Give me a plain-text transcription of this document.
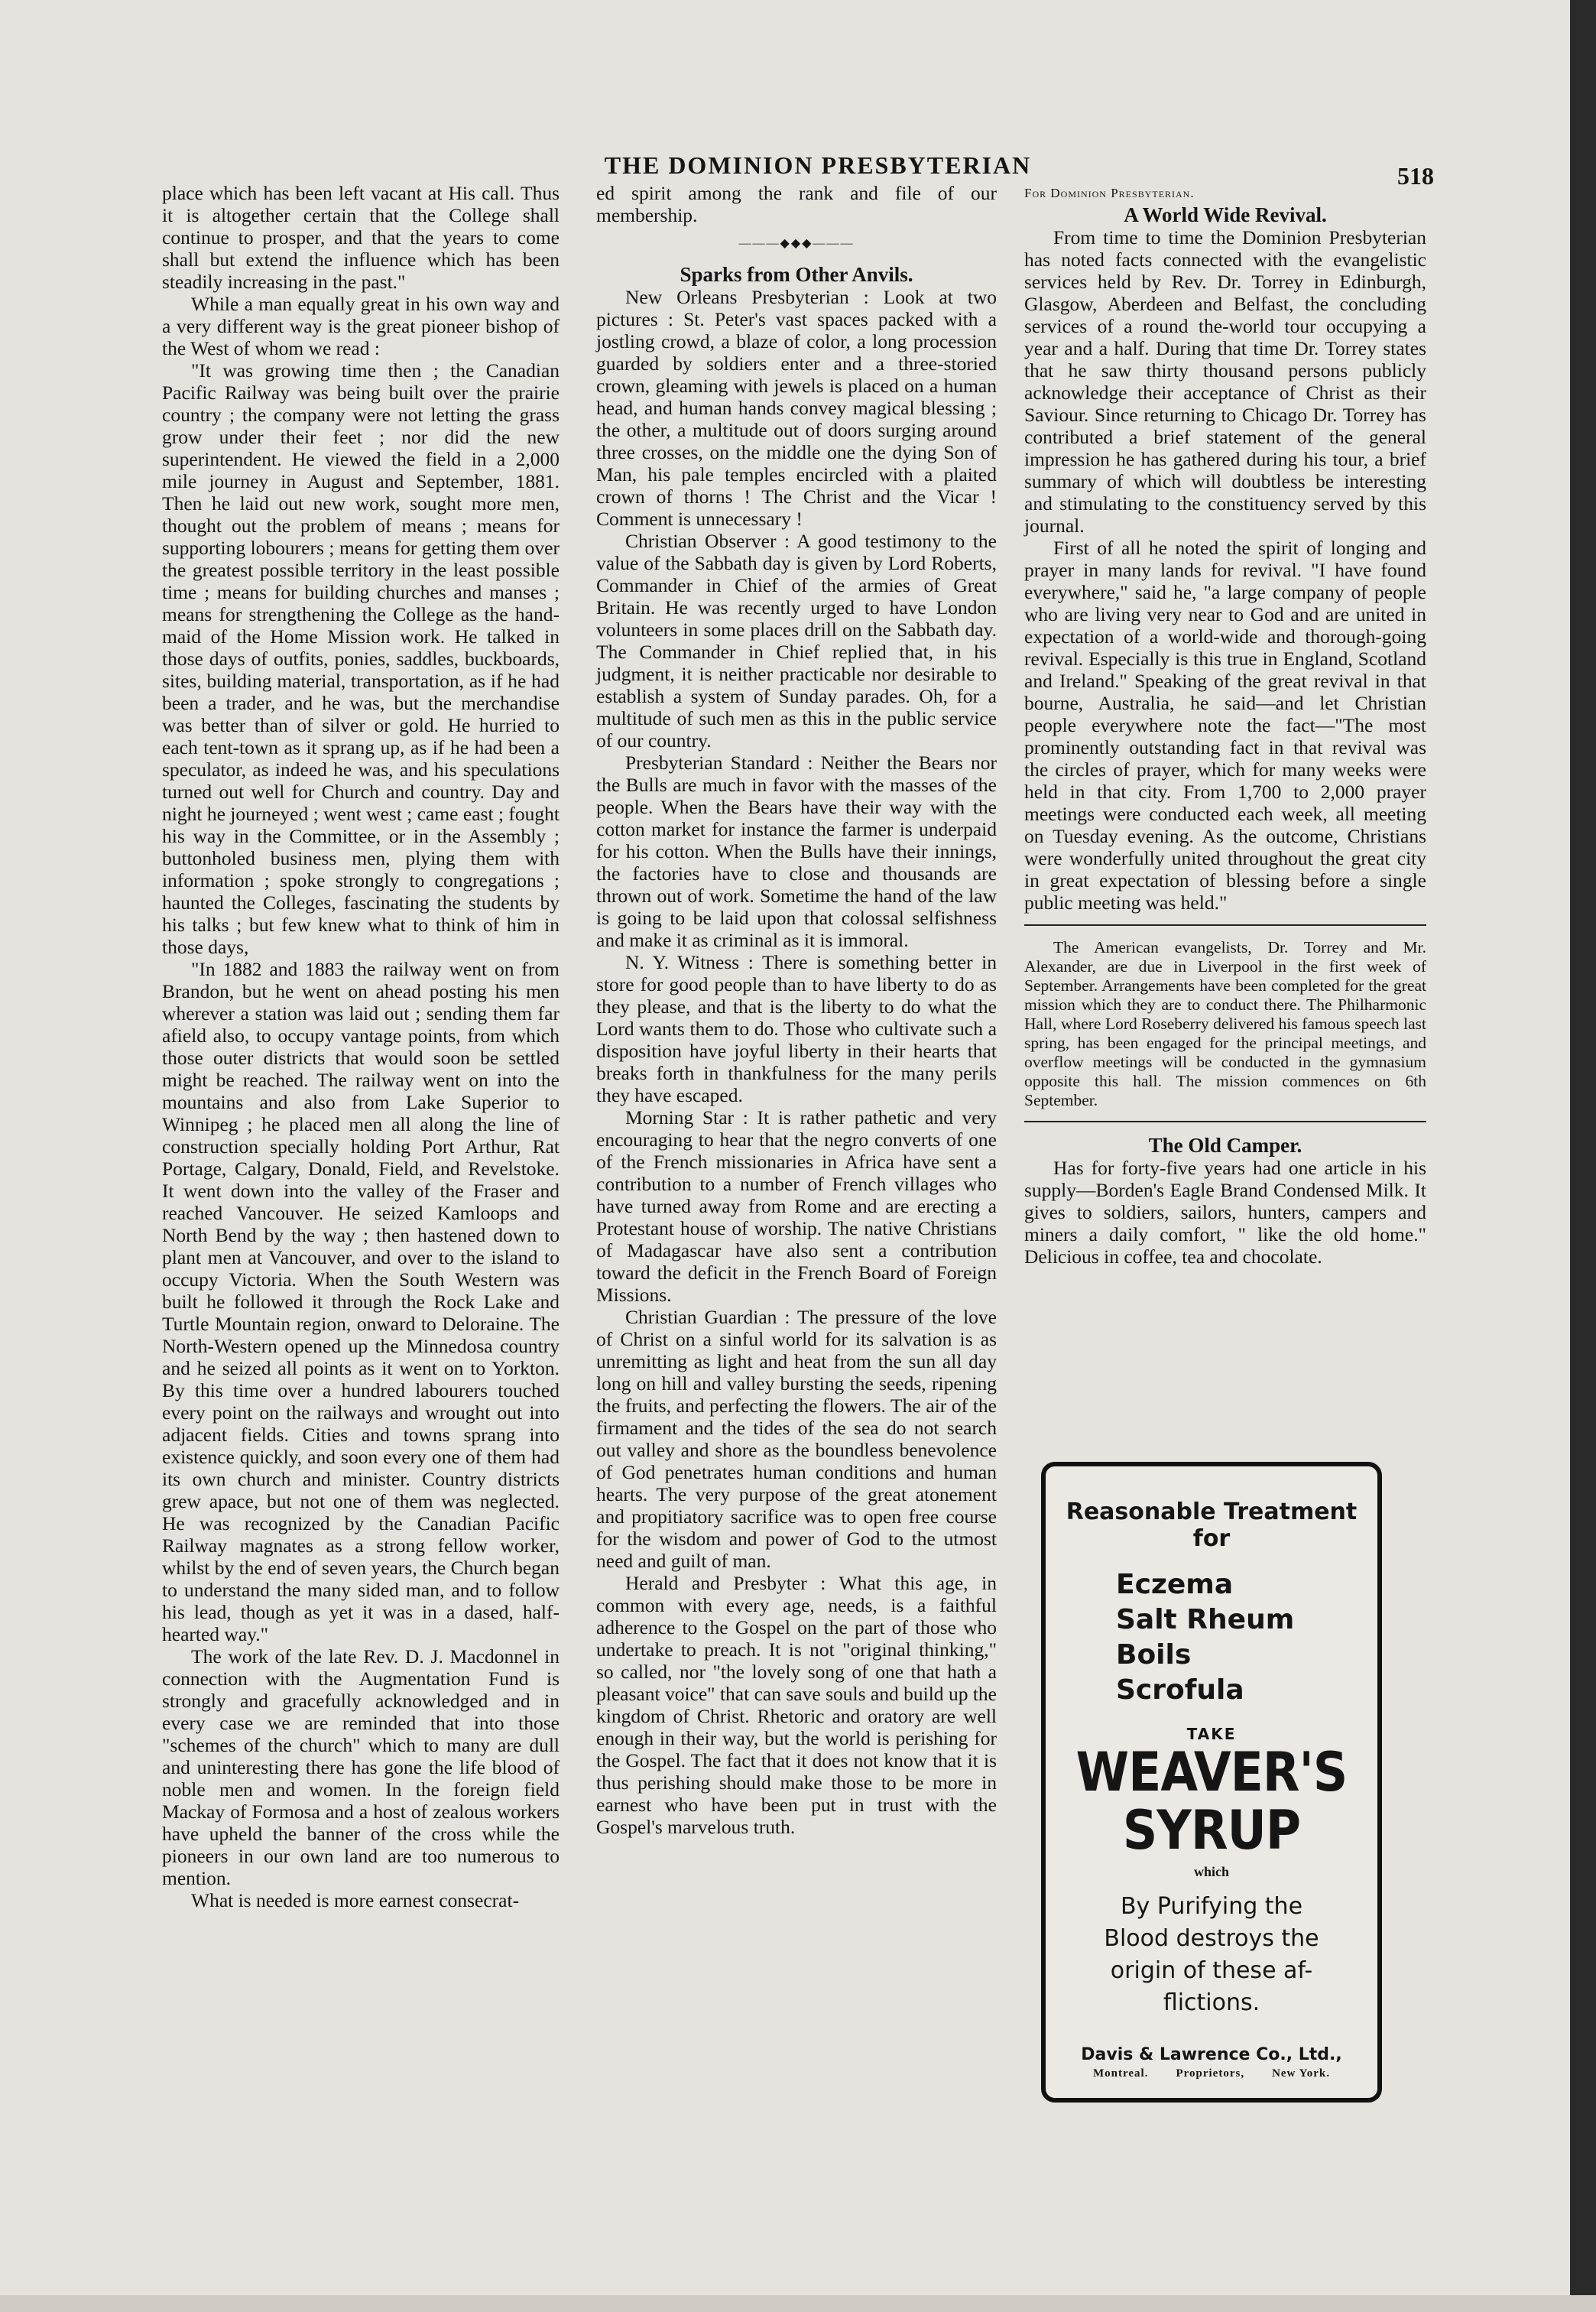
THE DOMINION PRESBYTERIAN	518

place which has been left vacant at His call. Thus it is altogether certain that the College shall continue to prosper, and that the years to come shall but extend the influence which has been steadily increasing in the past."

While a man equally great in his own way and a very different way is the great pioneer bishop of the West of whom we read :

"It was growing time then ; the Canadian Pacific Railway was being built over the prairie country ; the company were not letting the grass grow under their feet ; nor did the new superintendent. He viewed the field in a 2,000 mile journey in August and September, 1881. Then he laid out new work, sought more men, thought out the problem of means ; means for supporting lobourers ; means for getting them over the greatest possible territory in the least possible time ; means for building churches and manses ; means for strengthening the College as the hand-maid of the Home Mission work. He talked in those days of outfits, ponies, saddles, buckboards, sites, building material, transportation, as if he had been a trader, and he was, but the merchandise was better than of silver or gold. He hurried to each tent-town as it sprang up, as if he had been a speculator, as indeed he was, and his speculations turned out well for Church and country. Day and night he journeyed ; went west ; came east ; fought his way in the Committee, or in the Assembly ; buttonholed business men, plying them with information ; spoke strongly to congregations ; haunted the Colleges, fascinating the students by his talks ; but few knew what to think of him in those days,

"In 1882 and 1883 the railway went on from Brandon, but he went on ahead posting his men wherever a station was laid out ; sending them far afield also, to occupy vantage points, from which those outer districts that would soon be settled might be reached. The railway went on into the mountains and also from Lake Superior to Winnipeg ; he placed men all along the line of construction specially holding Port Arthur, Rat Portage, Calgary, Donald, Field, and Revelstoke. It went down into the valley of the Fraser and reached Vancouver. He seized Kamloops and North Bend by the way ; then hastened down to plant men at Vancouver, and over to the island to occupy Victoria. When the South Western was built he followed it through the Rock Lake and Turtle Mountain region, onward to Deloraine. The North-Western opened up the Minnedosa country and he seized all points as it went on to Yorkton. By this time over a hundred labourers touched every point on the railways and wrought out into adjacent fields. Cities and towns sprang into existence quickly, and soon every one of them had its own church and minister. Country districts grew apace, but not one of them was neglected. He was recognized by the Canadian Pacific Railway magnates as a strong fellow worker, whilst by the end of seven years, the Church began to understand the many sided man, and to follow his lead, though as yet it was in a dased, half-hearted way."

The work of the late Rev. D. J. Macdonnel in connection with the Augmentation Fund is strongly and gracefully acknowledged and in every case we are reminded that into those "schemes of the church" which to many are dull and uninteresting there has gone the life blood of noble men and women. In the foreign field Mackay of Formosa and a host of zealous workers have upheld the banner of the cross while the pioneers in our own land are too numerous to mention.

What is needed is more earnest consecrat-

ed spirit among the rank and file of our membership.

———◆◆◆———

Sparks from Other Anvils.

New Orleans Presbyterian : Look at two pictures : St. Peter's vast spaces packed with a jostling crowd, a blaze of color, a long procession guarded by soldiers enter and a three-storied crown, gleaming with jewels is placed on a human head, and human hands convey magical blessing ; the other, a multitude out of doors surging around three crosses, on the middle one the dying Son of Man, his pale temples encircled with a plaited crown of thorns ! The Christ and the Vicar ! Comment is unnecessary !

Christian Observer : A good testimony to the value of the Sabbath day is given by Lord Roberts, Commander in Chief of the armies of Great Britain. He was recently urged to have London volunteers in some places drill on the Sabbath day. The Commander in Chief replied that, in his judgment, it is neither practicable nor desirable to establish a system of Sunday parades. Oh, for a multitude of such men as this in the public service of our country.

Presbyterian Standard : Neither the Bears nor the Bulls are much in favor with the masses of the people. When the Bears have their way with the cotton market for instance the farmer is underpaid for his cotton. When the Bulls have their innings, the factories have to close and thousands are thrown out of work. Sometime the hand of the law is going to be laid upon that colossal selfishness and make it as criminal as it is immoral.

N. Y. Witness : There is something better in store for good people than to have liberty to do as they please, and that is the liberty to do what the Lord wants them to do. Those who cultivate such a disposition have joyful liberty in their hearts that breaks forth in thankfulness for the many perils they have escaped.

Morning Star : It is rather pathetic and very encouraging to hear that the negro converts of one of the French missionaries in Africa have sent a contribution to a number of French villages who have turned away from Rome and are erecting a Protestant house of worship. The native Christians of Madagascar have also sent a contribution toward the deficit in the French Board of Foreign Missions.

Christian Guardian : The pressure of the love of Christ on a sinful world for its salvation is as unremitting as light and heat from the sun all day long on hill and valley bursting the seeds, ripening the fruits, and perfecting the flowers. The air of the firmament and the tides of the sea do not search out valley and shore as the boundless benevolence of God penetrates human conditions and human hearts. The very purpose of the great atonement and propitiatory sacrifice was to open free course for the wisdom and power of God to the utmost need and guilt of man.

Herald and Presbyter : What this age, in common with every age, needs, is a faithful adherence to the Gospel on the part of those who undertake to preach. It is not "original thinking," so called, nor "the lovely song of one that hath a pleasant voice" that can save souls and build up the kingdom of Christ. Rhetoric and oratory are well enough in their way, but the world is perishing for the Gospel. The fact that it does not know that it is thus perishing should make those to be more in earnest who have been put in trust with the Gospel's marvelous truth.

For Dominion Presbyterian.

A World Wide Revival.

From time to time the Dominion Presbyterian has noted facts connected with the evangelistic services held by Rev. Dr. Torrey in Edinburgh, Glasgow, Aberdeen and Belfast, the concluding services of a round the-world tour occupying a year and a half. During that time Dr. Torrey states that he saw thirty thousand persons publicly acknowledge their acceptance of Christ as their Saviour. Since returning to Chicago Dr. Torrey has contributed a brief statement of the general impression he has gathered during his tour, a brief summary of which will doubtless be interesting and stimulating to the constituency served by this journal.

First of all he noted the spirit of longing and prayer in many lands for revival. "I have found everywhere," said he, "a large company of people who are living very near to God and are united in expectation of a world-wide and thorough-going revival. Especially is this true in England, Scotland and Ireland." Speaking of the great revival in that bourne, Australia, he said—and let Christian people everywhere note the fact—"The most prominently outstanding fact in that revival was the circles of prayer, which for many weeks were held in that city. From 1,700 to 2,000 prayer meetings were conducted each week, all meeting on Tuesday evening. As the outcome, Christians were wonderfully united throughout the great city in great expectation of blessing before a single public meeting was held."

The American evangelists, Dr. Torrey and Mr. Alexander, are due in Liverpool in the first week of September. Arrangements have been completed for the great mission which they are to conduct there. The Philharmonic Hall, where Lord Roseberry delivered his famous speech last spring, has been engaged for the principal meetings, and overflow meetings will be conducted in the gymnasium opposite this hall. The mission commences on 6th September.

The Old Camper.

Has for forty-five years had one article in his supply—Borden's Eagle Brand Condensed Milk. It gives to soldiers, sailors, hunters, campers and miners a daily comfort, " like the old home." Delicious in coffee, tea and chocolate.

Reasonable Treatment for
Eczema
Salt Rheum
Boils
Scrofula
TAKE
WEAVER'S
SYRUP
which
By Purifying the
Blood destroys the
origin of these af-
flictions.
Davis & Lawrence Co., Ltd.,
Montreal. Proprietors, New York.
